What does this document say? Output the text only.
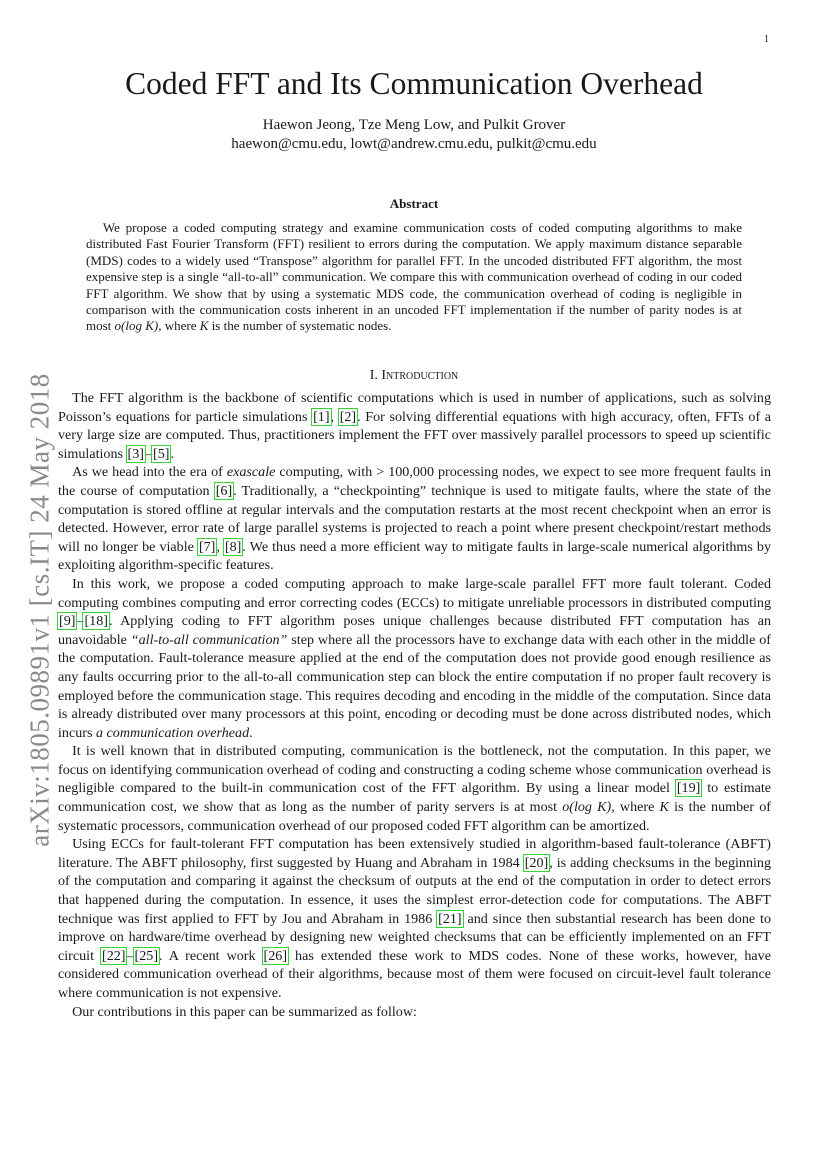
1
arXiv:1805.09891v1 [cs.IT] 24 May 2018
Coded FFT and Its Communication Overhead
Haewon Jeong, Tze Meng Low, and Pulkit Grover
haewon@cmu.edu, lowt@andrew.cmu.edu, pulkit@cmu.edu
Abstract

We propose a coded computing strategy and examine communication costs of coded computing algorithms to make distributed Fast Fourier Transform (FFT) resilient to errors during the computation. We apply maximum distance separable (MDS) codes to a widely used “Transpose” algorithm for parallel FFT. In the uncoded distributed FFT algorithm, the most expensive step is a single “all-to-all” communication. We compare this with communication overhead of coding in our coded FFT algorithm. We show that by using a systematic MDS code, the communication overhead of coding is negligible in comparison with the communication costs inherent in an uncoded FFT implementation if the number of parity nodes is at most o(log K), where K is the number of systematic nodes.

I. Introduction

The FFT algorithm is the backbone of scientific computations which is used in number of applications, such as solving Poisson’s equations for particle simulations [1], [2]. For solving differential equations with high accuracy, often, FFTs of a very large size are computed. Thus, practitioners implement the FFT over massively parallel processors to speed up scientific simulations [3]–[5].

As we head into the era of exascale computing, with > 100,000 processing nodes, we expect to see more frequent faults in the course of computation [6]. Traditionally, a “checkpointing” technique is used to mitigate faults, where the state of the computation is stored offline at regular intervals and the computation restarts at the most recent checkpoint when an error is detected. However, error rate of large parallel systems is projected to reach a point where present checkpoint/restart methods will no longer be viable [7], [8]. We thus need a more efficient way to mitigate faults in large-scale numerical algorithms by exploiting algorithm-specific features.

In this work, we propose a coded computing approach to make large-scale parallel FFT more fault tolerant. Coded computing combines computing and error correcting codes (ECCs) to mitigate unreliable processors in distributed computing [9]–[18]. Applying coding to FFT algorithm poses unique challenges because distributed FFT computation has an unavoidable “all-to-all communication” step where all the processors have to exchange data with each other in the middle of the computation. Fault-tolerance measure applied at the end of the computation does not provide good enough resilience as any faults occurring prior to the all-to-all communication step can block the entire computation if no proper fault recovery is employed before the communication stage. This requires decoding and encoding in the middle of the computation. Since data is already distributed over many processors at this point, encoding or decoding must be done across distributed nodes, which incurs a communication overhead.

It is well known that in distributed computing, communication is the bottleneck, not the computation. In this paper, we focus on identifying communication overhead of coding and constructing a coding scheme whose communication overhead is negligible compared to the built-in communication cost of the FFT algorithm. By using a linear model [19] to estimate communication cost, we show that as long as the number of parity servers is at most o(log K), where K is the number of systematic processors, communication overhead of our proposed coded FFT algorithm can be amortized.

Using ECCs for fault-tolerant FFT computation has been extensively studied in algorithm-based fault-tolerance (ABFT) literature. The ABFT philosophy, first suggested by Huang and Abraham in 1984 [20], is adding checksums in the beginning of the computation and comparing it against the checksum of outputs at the end of the computation in order to detect errors that happened during the computation. In essence, it uses the simplest error-detection code for computations. The ABFT technique was first applied to FFT by Jou and Abraham in 1986 [21] and since then substantial research has been done to improve on hardware/time overhead by designing new weighted checksums that can be efficiently implemented on an FFT circuit [22]–[25]. A recent work [26] has extended these work to MDS codes. None of these works, however, have considered communication overhead of their algorithms, because most of them were focused on circuit-level fault tolerance where communication is not expensive.

Our contributions in this paper can be summarized as follow:
